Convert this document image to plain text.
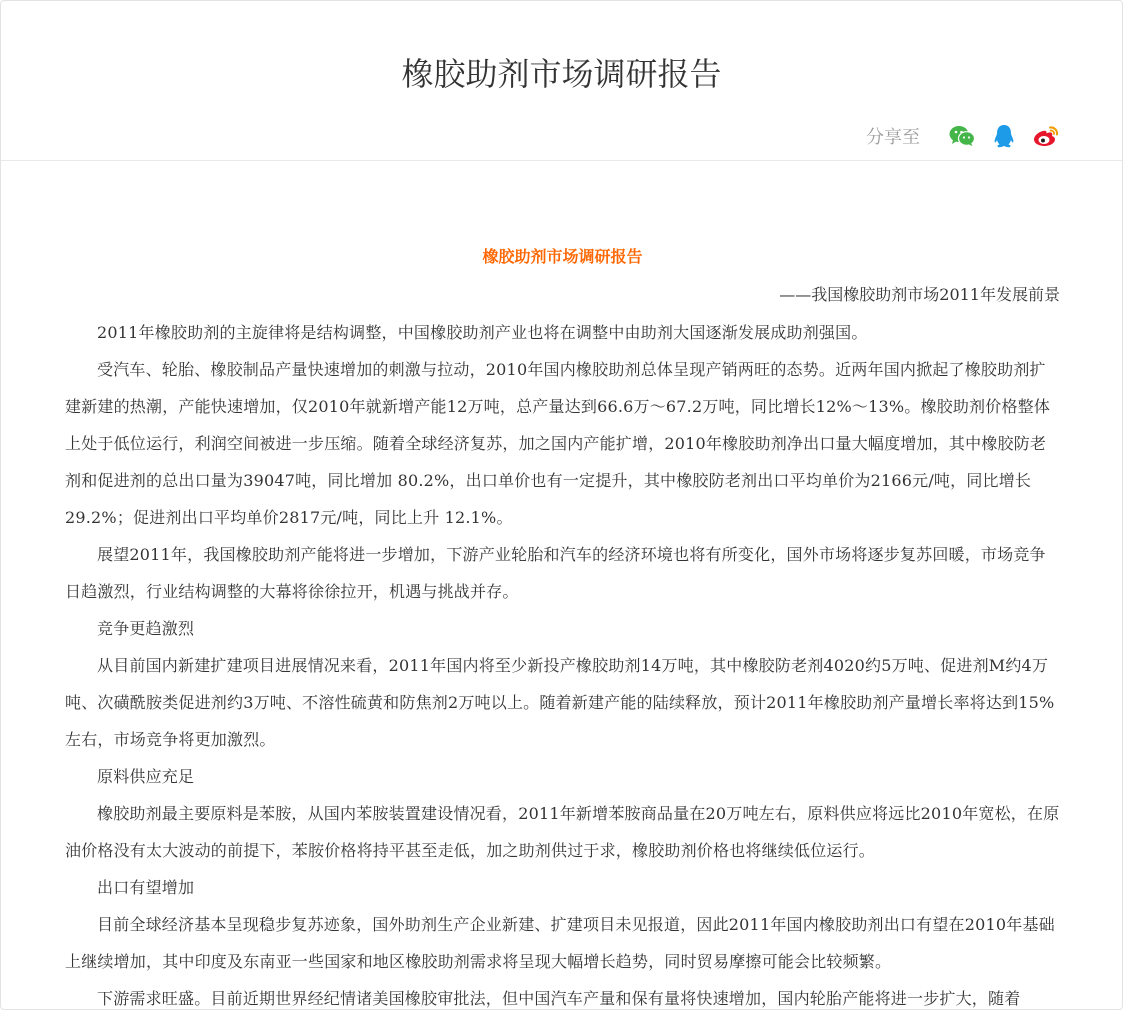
橡胶助剂市场调研报告
分享至
橡胶助剂市场调研报告
——我国橡胶助剂市场2011年发展前景

2011年橡胶助剂的主旋律将是结构调整，中国橡胶助剂产业也将在调整中由助剂大国逐渐发展成助剂强国。

受汽车、轮胎、橡胶制品产量快速增加的刺激与拉动，2010年国内橡胶助剂总体呈现产销两旺的态势。近两年国内掀起了橡胶助剂扩建新建的热潮，产能快速增加，仅2010年就新增产能12万吨，总产量达到66.6万～67.2万吨，同比增长12%～13%。橡胶助剂价格整体上处于低位运行，利润空间被进一步压缩。随着全球经济复苏，加之国内产能扩增，2010年橡胶助剂净出口量大幅度增加，其中橡胶防老剂和促进剂的总出口量为39047吨，同比增加 80.2%，出口单价也有一定提升，其中橡胶防老剂出口平均单价为2166元/吨，同比增长29.2%；促进剂出口平均单价2817元/吨，同比上升 12.1%。

展望2011年，我国橡胶助剂产能将进一步增加，下游产业轮胎和汽车的经济环境也将有所变化，国外市场将逐步复苏回暖，市场竞争日趋激烈，行业结构调整的大幕将徐徐拉开，机遇与挑战并存。

竞争更趋激烈

从目前国内新建扩建项目进展情况来看，2011年国内将至少新投产橡胶助剂14万吨，其中橡胶防老剂4020约5万吨、促进剂M约4万吨、次磺酰胺类促进剂约3万吨、不溶性硫黄和防焦剂2万吨以上。随着新建产能的陆续释放，预计2011年橡胶助剂产量增长率将达到15%左右，市场竞争将更加激烈。

原料供应充足

橡胶助剂最主要原料是苯胺，从国内苯胺装置建设情况看，2011年新增苯胺商品量在20万吨左右，原料供应将远比2010年宽松，在原油价格没有太大波动的前提下，苯胺价格将持平甚至走低，加之助剂供过于求，橡胶助剂价格也将继续低位运行。

出口有望增加

目前全球经济基本呈现稳步复苏迹象，国外助剂生产企业新建、扩建项目未见报道，因此2011年国内橡胶助剂出口有望在2010年基础上继续增加，其中印度及东南亚一些国家和地区橡胶助剂需求将呈现大幅增长趋势，同时贸易摩擦可能会比较频繁。

下游需求旺盛。目前近期世界经纪情诸美国橡胶审批法，但中国汽车产量和保有量将快速增加，国内轮胎产能将进一步扩大，随着
